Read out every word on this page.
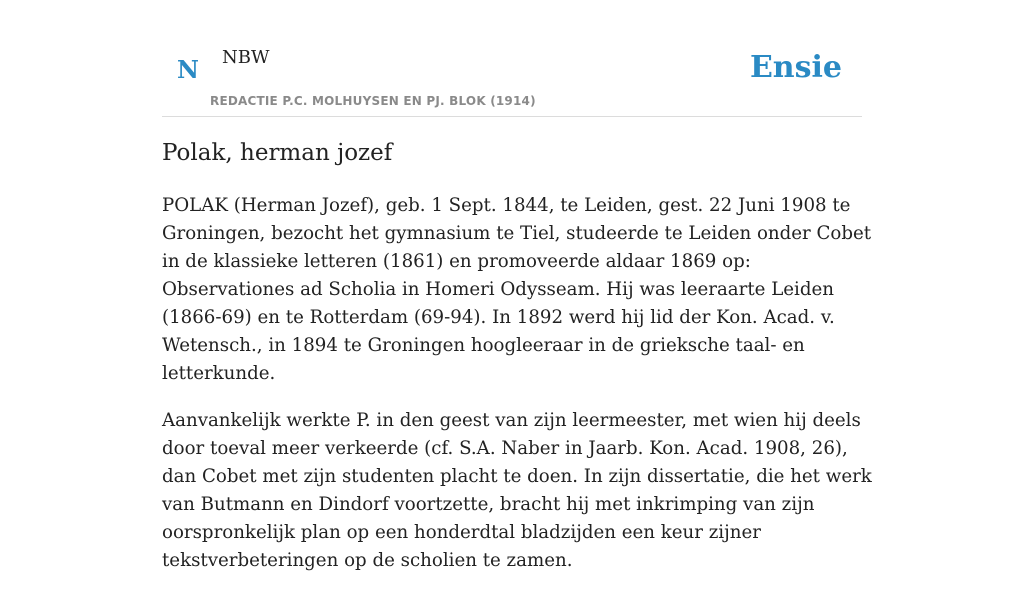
N NBW
REDACTIE P.C. MOLHUYSEN EN PJ. BLOK (1914)
Ensie
Polak, herman jozef

POLAK (Herman Jozef), geb. 1 Sept. 1844, te Leiden, gest. 22 Juni 1908 te Groningen, bezocht het gymnasium te Tiel, studeerde te Leiden onder Cobet in de klassieke letteren (1861) en promoveerde aldaar 1869 op: Observationes ad Scholia in Homeri Odysseam. Hij was leeraarte Leiden (1866-69) en te Rotterdam (69-94). In 1892 werd hij lid der Kon. Acad. v. Wetensch., in 1894 te Groningen hoogleeraar in de grieksche taal- en letterkunde.

Aanvankelijk werkte P. in den geest van zijn leermeester, met wien hij deels door toeval meer verkeerde (cf. S.A. Naber in Jaarb. Kon. Acad. 1908, 26), dan Cobet met zijn studenten placht te doen. In zijn dissertatie, die het werk van Butmann en Dindorf voortzette, bracht hij met inkrimping van zijn oorspronkelijk plan op een honderdtal bladzijden een keur zijner tekstverbeteringen op de scholien te zamen.
